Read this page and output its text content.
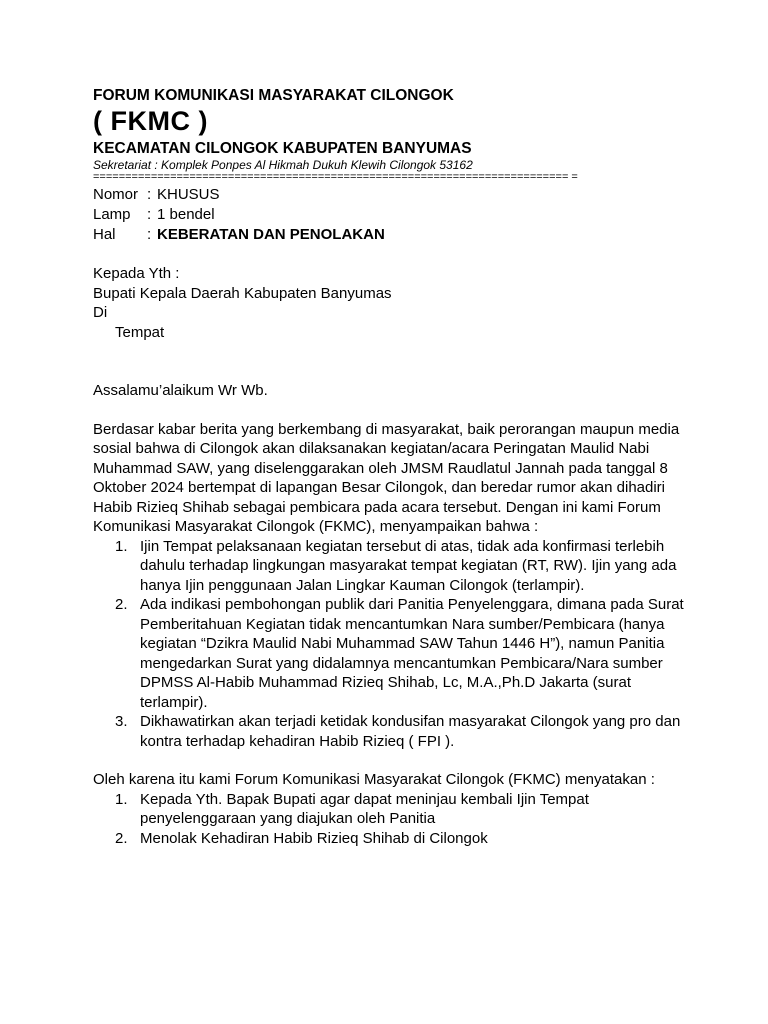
FORUM KOMUNIKASI MASYARAKAT CILONGOK
( FKMC )
KECAMATAN CILONGOK KABUPATEN BANYUMAS
Sekretariat : Komplek Ponpes Al Hikmah Dukuh Klewih Cilongok 53162
========================================================================== =
Nomor : KHUSUS
Lamp	: 1 bendel
Hal	: KEBERATAN DAN PENOLAKAN
Kepada Yth :
Bupati Kepala Daerah Kabupaten Banyumas
Di
Tempat
Assalamu’alaikum Wr Wb.
Berdasar kabar berita yang berkembang di masyarakat, baik perorangan maupun media sosial bahwa di Cilongok akan dilaksanakan kegiatan/acara Peringatan Maulid Nabi Muhammad SAW, yang diselenggarakan oleh JMSM Raudlatul Jannah pada tanggal 8 Oktober 2024 bertempat di lapangan Besar Cilongok, dan beredar rumor akan dihadiri Habib Rizieq Shihab sebagai pembicara pada acara tersebut. Dengan ini kami Forum Komunikasi Masyarakat Cilongok (FKMC), menyampaikan bahwa :
1. Ijin Tempat pelaksanaan kegiatan tersebut di atas, tidak ada konfirmasi terlebih dahulu terhadap lingkungan masyarakat tempat kegiatan (RT, RW). Ijin yang ada hanya Ijin penggunaan Jalan Lingkar Kauman Cilongok (terlampir).
2. Ada indikasi pembohongan publik dari Panitia Penyelenggara, dimana pada Surat Pemberitahuan Kegiatan tidak mencantumkan Nara sumber/Pembicara (hanya kegiatan “Dzikra Maulid Nabi Muhammad SAW Tahun 1446 H”), namun Panitia mengedarkan Surat yang didalamnya mencantumkan Pembicara/Nara sumber DPMSS Al-Habib Muhammad Rizieq Shihab, Lc, M.A.,Ph.D Jakarta (surat terlampir).
3. Dikhawatirkan akan terjadi ketidak kondusifan masyarakat Cilongok yang pro dan kontra terhadap kehadiran Habib Rizieq ( FPI ).
Oleh karena itu kami Forum Komunikasi Masyarakat Cilongok (FKMC) menyatakan :
1. Kepada Yth. Bapak Bupati agar dapat meninjau kembali Ijin Tempat penyelenggaraan yang diajukan oleh Panitia
2. Menolak Kehadiran Habib Rizieq Shihab di Cilongok
